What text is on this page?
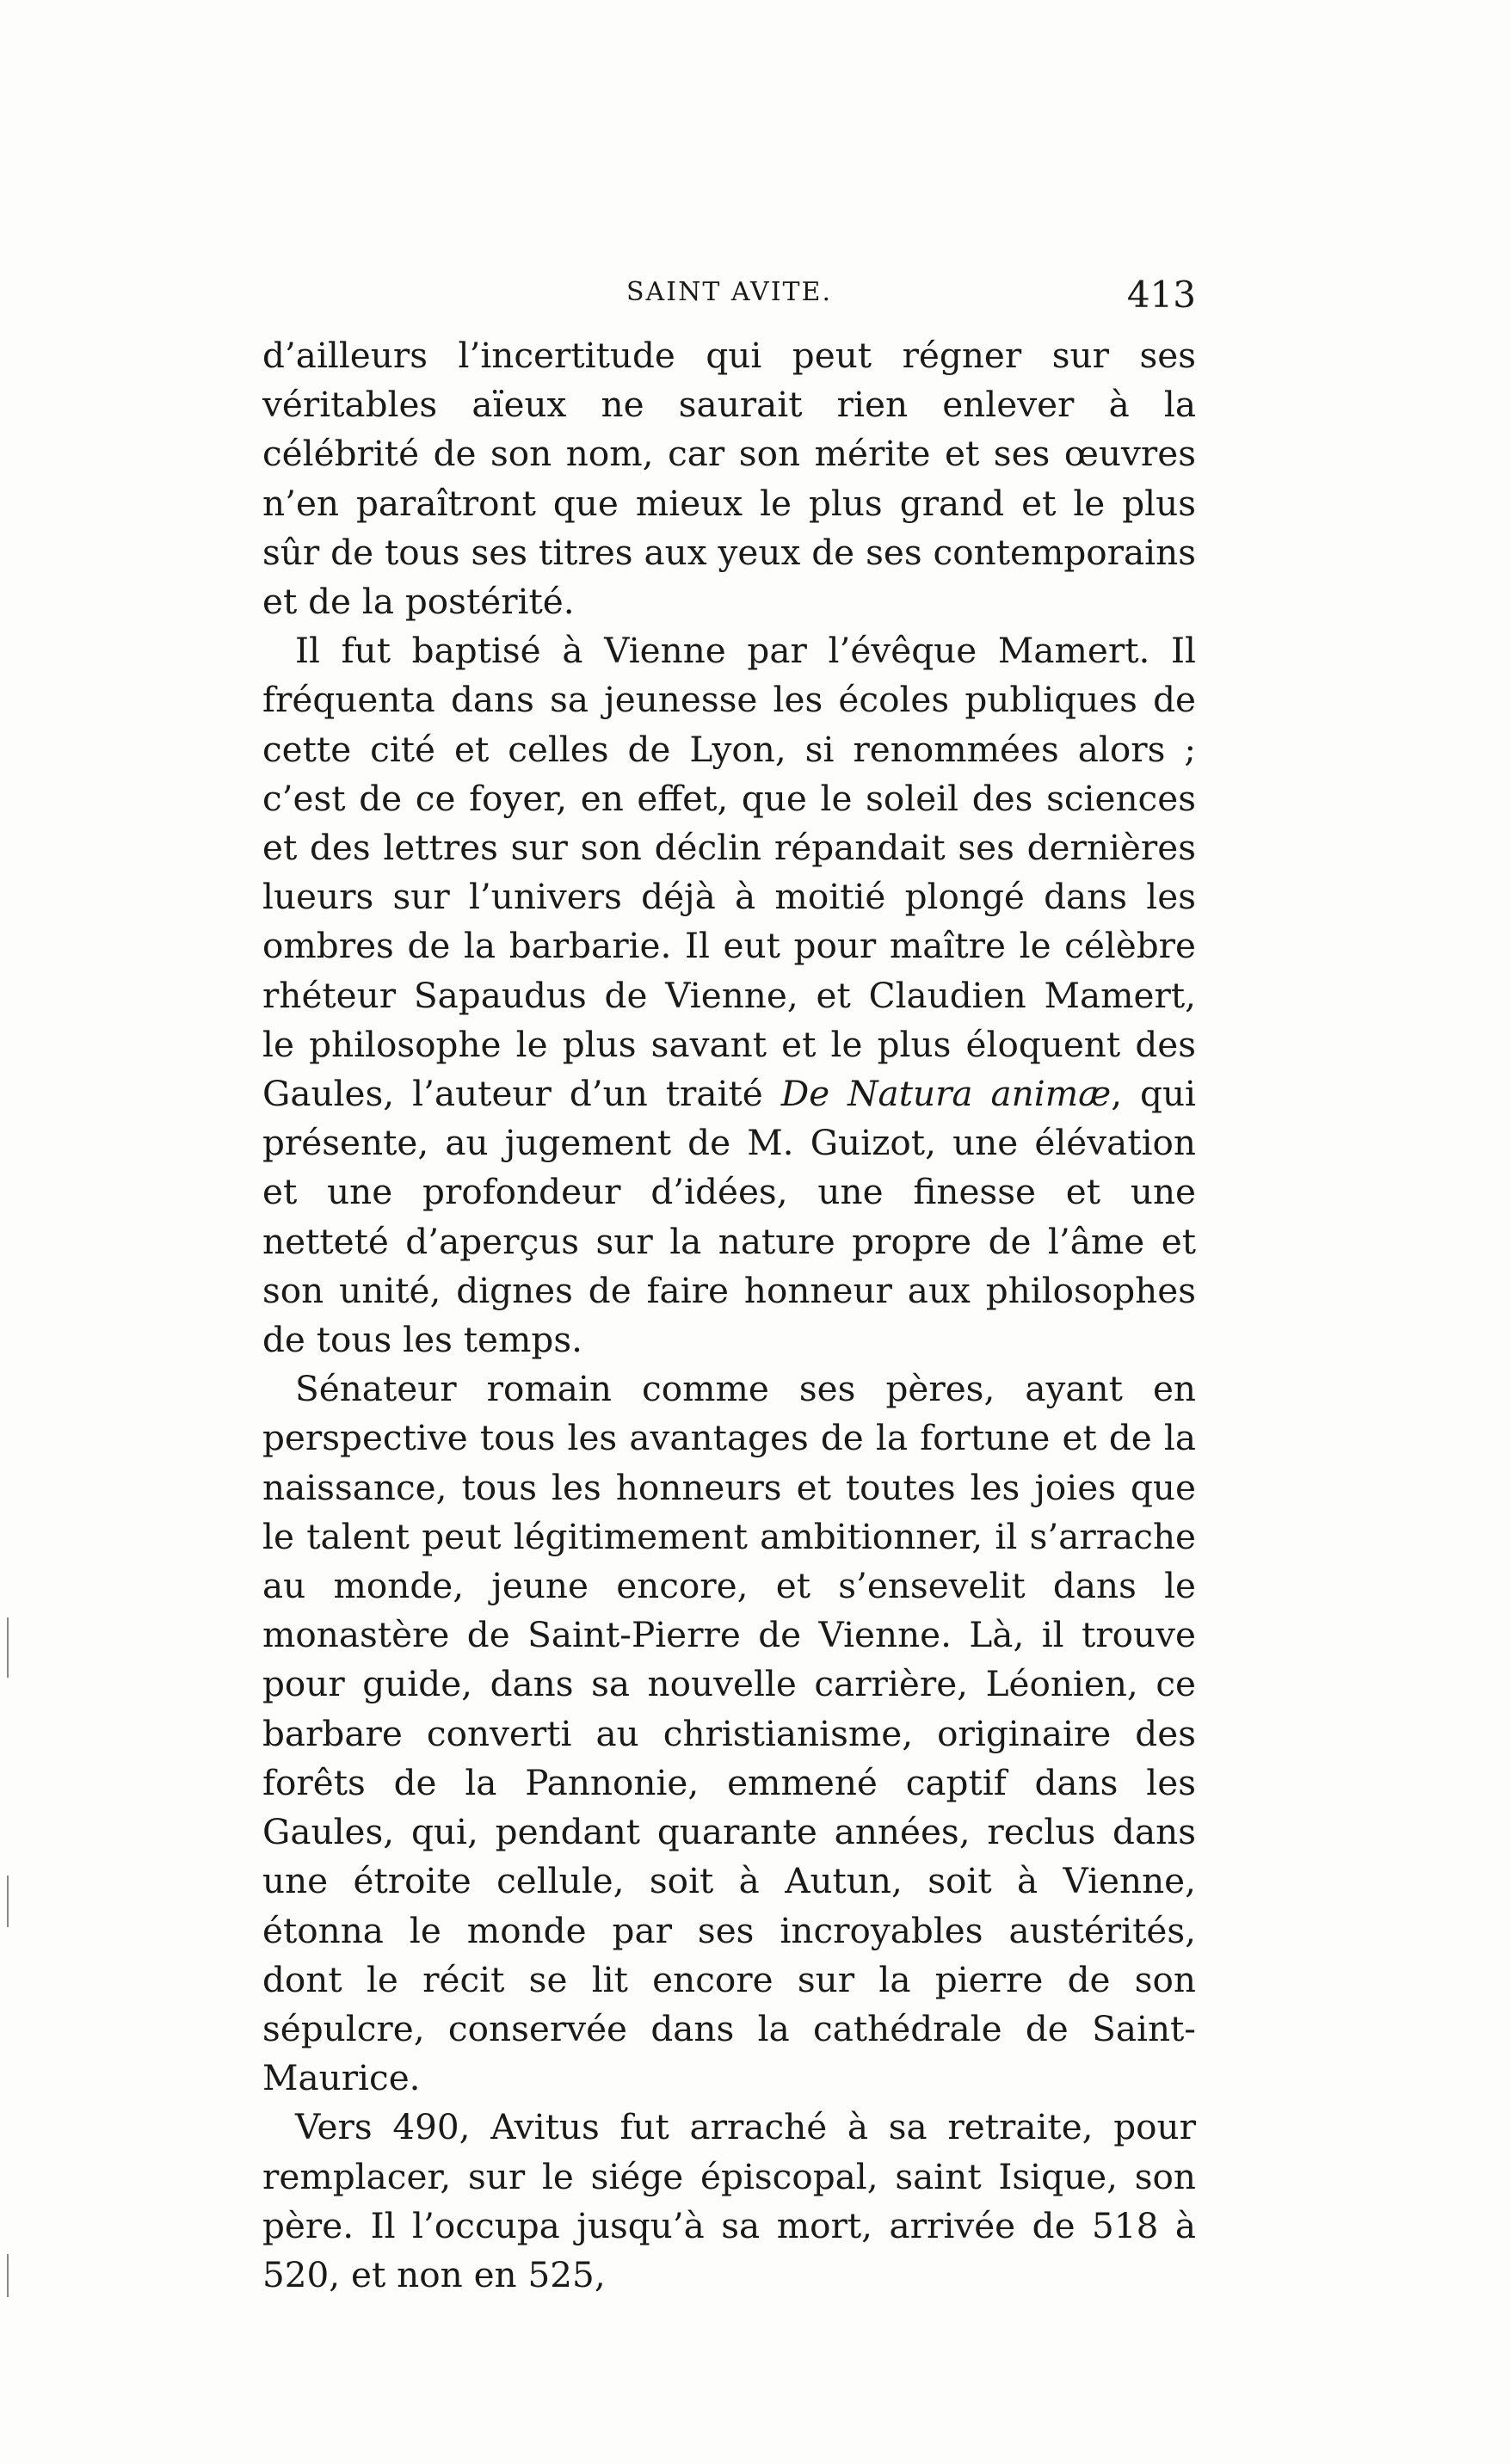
SAINT AVITE.	413

d’ailleurs l’incertitude qui peut régner sur ses véritables aïeux ne saurait rien enlever à la célébrité de son nom, car son mérite et ses œuvres n’en paraîtront que mieux le plus grand et le plus sûr de tous ses titres aux yeux de ses contemporains et de la postérité.

Il fut baptisé à Vienne par l’évêque Mamert. Il fréquenta dans sa jeunesse les écoles publiques de cette cité et celles de Lyon, si renommées alors ; c’est de ce foyer, en effet, que le soleil des sciences et des lettres sur son déclin répandait ses dernières lueurs sur l’univers déjà à moitié plongé dans les ombres de la barbarie. Il eut pour maître le célèbre rhéteur Sapaudus de Vienne, et Claudien Mamert, le philosophe le plus savant et le plus éloquent des Gaules, l’auteur d’un traité De Natura animæ, qui présente, au jugement de M. Guizot, une élévation et une profondeur d’idées, une finesse et une netteté d’aperçus sur la nature propre de l’âme et son unité, dignes de faire honneur aux philosophes de tous les temps.

Sénateur romain comme ses pères, ayant en perspective tous les avantages de la fortune et de la naissance, tous les honneurs et toutes les joies que le talent peut légitimement ambitionner, il s’arrache au monde, jeune encore, et s’ensevelit dans le monastère de Saint-Pierre de Vienne. Là, il trouve pour guide, dans sa nouvelle carrière, Léonien, ce barbare converti au christianisme, originaire des forêts de la Pannonie, emmené captif dans les Gaules, qui, pendant quarante années, reclus dans une étroite cellule, soit à Autun, soit à Vienne, étonna le monde par ses incroyables austérités, dont le récit se lit encore sur la pierre de son sépulcre, conservée dans la cathédrale de Saint-Maurice.

Vers 490, Avitus fut arraché à sa retraite, pour remplacer, sur le siége épiscopal, saint Isique, son père. Il l’occupa jusqu’à sa mort, arrivée de 518 à 520, et non en 525,
